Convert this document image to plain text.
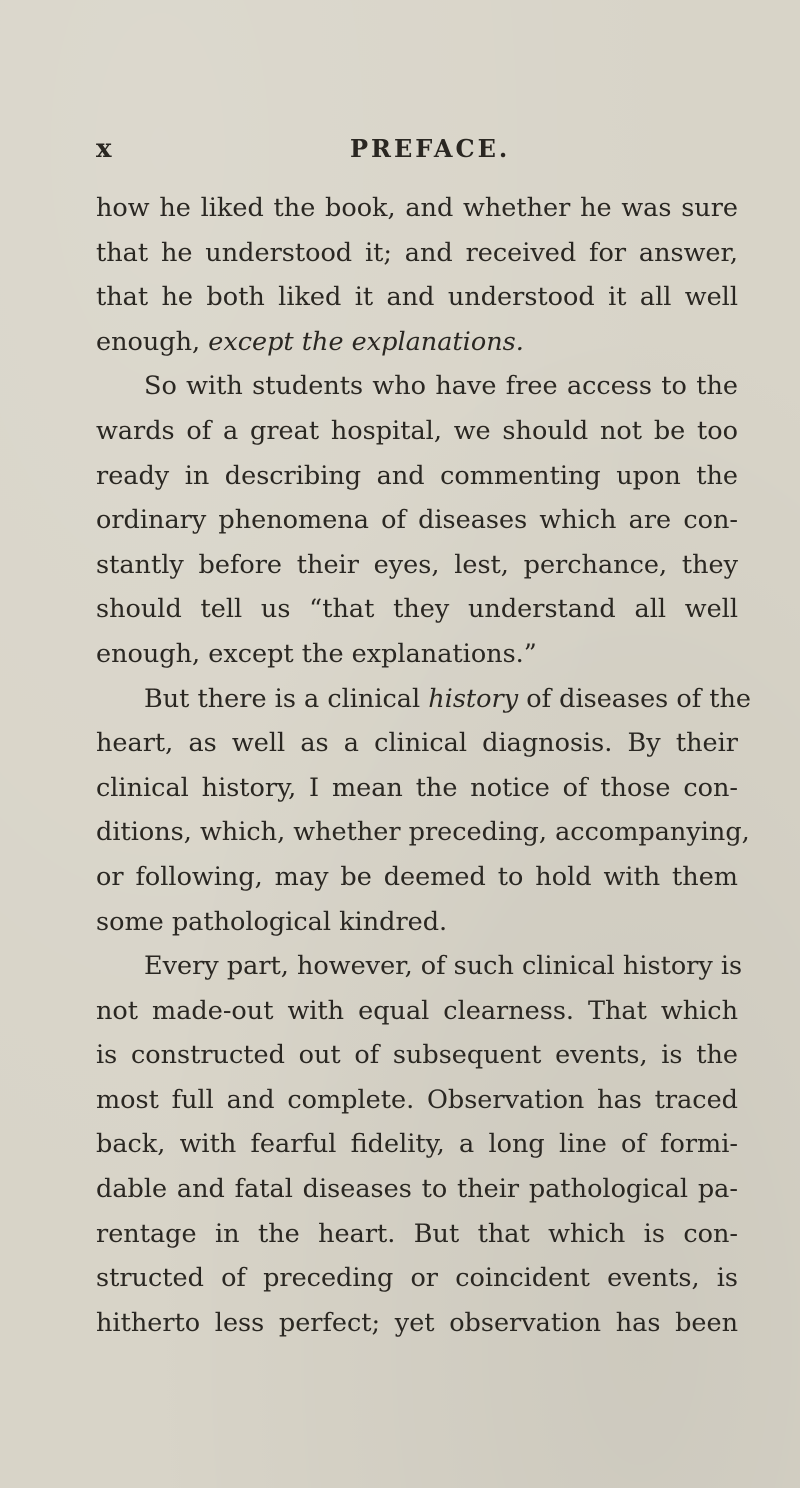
x	PREFACE.
how he liked the book, and whether he was sure
that he understood it; and received for answer,
that he both liked it and understood it all well
enough, except the explanations.
So with students who have free access to the
wards of a great hospital, we should not be too
ready in describing and commenting upon the
ordinary phenomena of diseases which are con-
stantly before their eyes, lest, perchance, they
should tell us “that they understand all well
enough, except the explanations.”
But there is a clinical history of diseases of the
heart, as well as a clinical diagnosis. By their
clinical history, I mean the notice of those con-
ditions, which, whether preceding, accompanying,
or following, may be deemed to hold with them
some pathological kindred.
Every part, however, of such clinical history is
not made-out with equal clearness. That which
is constructed out of subsequent events, is the
most full and complete. Observation has traced
back, with fearful fidelity, a long line of formi-
dable and fatal diseases to their pathological pa-
rentage in the heart. But that which is con-
structed of preceding or coincident events, is
hitherto less perfect; yet observation has been
